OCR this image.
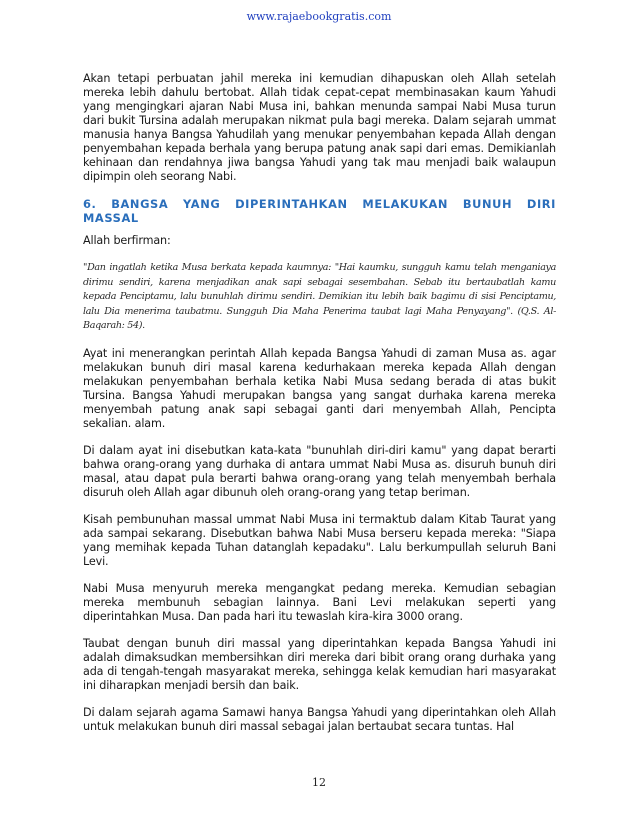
www.rajaebookgratis.com

Akan tetapi perbuatan jahil mereka ini kemudian dihapuskan oleh Allah setelah mereka lebih dahulu bertobat. Allah tidak cepat-cepat membinasakan kaum Yahudi yang mengingkari ajaran Nabi Musa ini, bahkan menunda sampai Nabi Musa turun dari bukit Tursina adalah merupakan nikmat pula bagi mereka. Dalam sejarah ummat manusia hanya Bangsa Yahudilah yang menukar penyembahan kepada Allah dengan penyembahan kepada berhala yang berupa patung anak sapi dari emas. Demikianlah kehinaan dan rendahnya jiwa bangsa Yahudi yang tak mau menjadi baik walaupun dipimpin oleh seorang Nabi.

6. BANGSA YANG DIPERINTAHKAN MELAKUKAN BUNUH DIRI MASSAL

Allah berfirman:

"Dan ingatlah ketika Musa berkata kepada kaumnya: "Hai kaumku, sungguh kamu telah menganiaya dirimu sendiri, karena menjadikan anak sapi sebagai sesembahan. Sebab itu bertaubatlah kamu kepada Penciptamu, lalu bunuhlah dirimu sendiri. Demikian itu lebih baik bagimu di sisi Penciptamu, lalu Dia menerima taubatmu. Sungguh Dia Maha Penerima taubat lagi Maha Penyayang". (Q.S. Al-Baqarah: 54).

Ayat ini menerangkan perintah Allah kepada Bangsa Yahudi di zaman Musa as. agar melakukan bunuh diri masal karena kedurhakaan mereka kepada Allah dengan melakukan penyembahan berhala ketika Nabi Musa sedang berada di atas bukit Tursina. Bangsa Yahudi merupakan bangsa yang sangat durhaka karena mereka menyembah patung anak sapi sebagai ganti dari menyembah Allah, Pencipta sekalian. alam.

Di dalam ayat ini disebutkan kata-kata "bunuhlah diri-diri kamu" yang dapat berarti bahwa orang-orang yang durhaka di antara ummat Nabi Musa as. disuruh bunuh diri masal, atau dapat pula berarti bahwa orang-orang yang telah menyembah berhala disuruh oleh Allah agar dibunuh oleh orang-orang yang tetap beriman.

Kisah pembunuhan massal ummat Nabi Musa ini termaktub dalam Kitab Taurat yang ada sampai sekarang. Disebutkan bahwa Nabi Musa berseru kepada mereka: "Siapa yang memihak kepada Tuhan datanglah kepadaku". Lalu berkumpullah seluruh Bani Levi.

Nabi Musa menyuruh mereka mengangkat pedang mereka. Kemudian sebagian mereka membunuh sebagian lainnya. Bani Levi melakukan seperti yang diperintahkan Musa. Dan pada hari itu tewaslah kira-kira 3000 orang.

Taubat dengan bunuh diri massal yang diperintahkan kepada Bangsa Yahudi ini adalah dimaksudkan membersihkan diri mereka dari bibit orang orang durhaka yang ada di tengah-tengah masyarakat mereka, sehingga kelak kemudian hari masyarakat ini diharapkan menjadi bersih dan baik.

Di dalam sejarah agama Samawi hanya Bangsa Yahudi yang diperintahkan oleh Allah untuk melakukan bunuh diri massal sebagai jalan bertaubat secara tuntas. Hal

12
